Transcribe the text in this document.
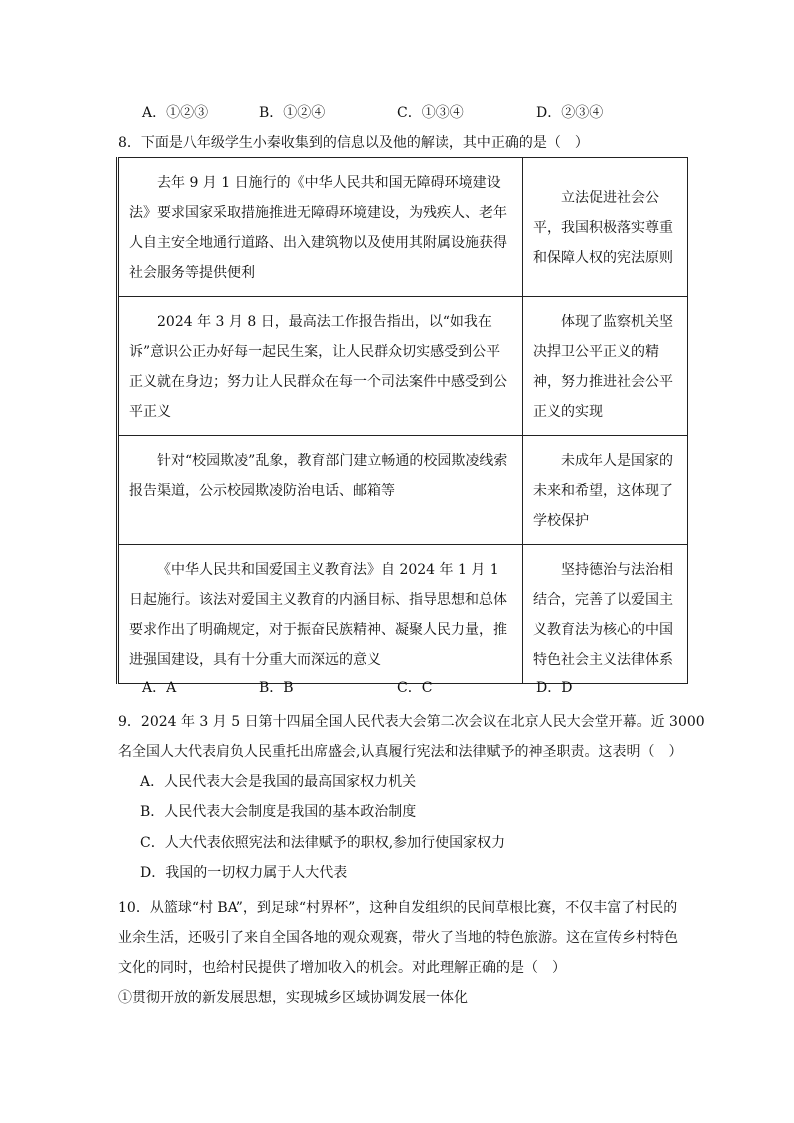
A．①②③	B．①②④	C．①③④	D．②③④
8．下面是八年级学生小秦收集到的信息以及他的解读，其中正确的是（　）
去年 9 月 1 日施行的《中华人民共和国无障碍环境建设法》要求国家采取措施推进无障碍环境建设，为残疾人、老年人自主安全地通行道路、出入建筑物以及使用其附属设施获得社会服务等提供便利	立法促进社会公平，我国积极落实尊重和保障人权的宪法原则
2024 年 3 月 8 日，最高法工作报告指出，以“如我在诉”意识公正办好每一起民生案，让人民群众切实感受到公平正义就在身边；努力让人民群众在每一个司法案件中感受到公平正义	体现了监察机关坚决捍卫公平正义的精神，努力推进社会公平正义的实现
针对“校园欺凌”乱象，教育部门建立畅通的校园欺凌线索报告渠道，公示校园欺凌防治电话、邮箱等	未成年人是国家的未来和希望，这体现了学校保护
《中华人民共和国爱国主义教育法》自 2024 年 1 月 1 日起施行。该法对爱国主义教育的内涵目标、指导思想和总体要求作出了明确规定，对于振奋民族精神、凝聚人民力量，推进强国建设，具有十分重大而深远的意义	坚持德治与法治相结合，完善了以爱国主义教育法为核心的中国特色社会主义法律体系
A．A	B．B	C．C	D．D
9．2024 年 3 月 5 日第十四届全国人民代表大会第二次会议在北京人民大会堂开幕。近 3000
名全国人大代表肩负人民重托出席盛会,认真履行宪法和法律赋予的神圣职责。这表明（　）
A．人民代表大会是我国的最高国家权力机关
B．人民代表大会制度是我国的基本政治制度
C．人大代表依照宪法和法律赋予的职权,参加行使国家权力
D．我国的一切权力属于人大代表
10．从篮球“村 BA”，到足球“村界杯”，这种自发组织的民间草根比赛，不仅丰富了村民的
业余生活，还吸引了来自全国各地的观众观赛，带火了当地的特色旅游。这在宣传乡村特色
文化的同时，也给村民提供了增加收入的机会。对此理解正确的是（　）
①贯彻开放的新发展思想，实现城乡区域协调发展一体化
